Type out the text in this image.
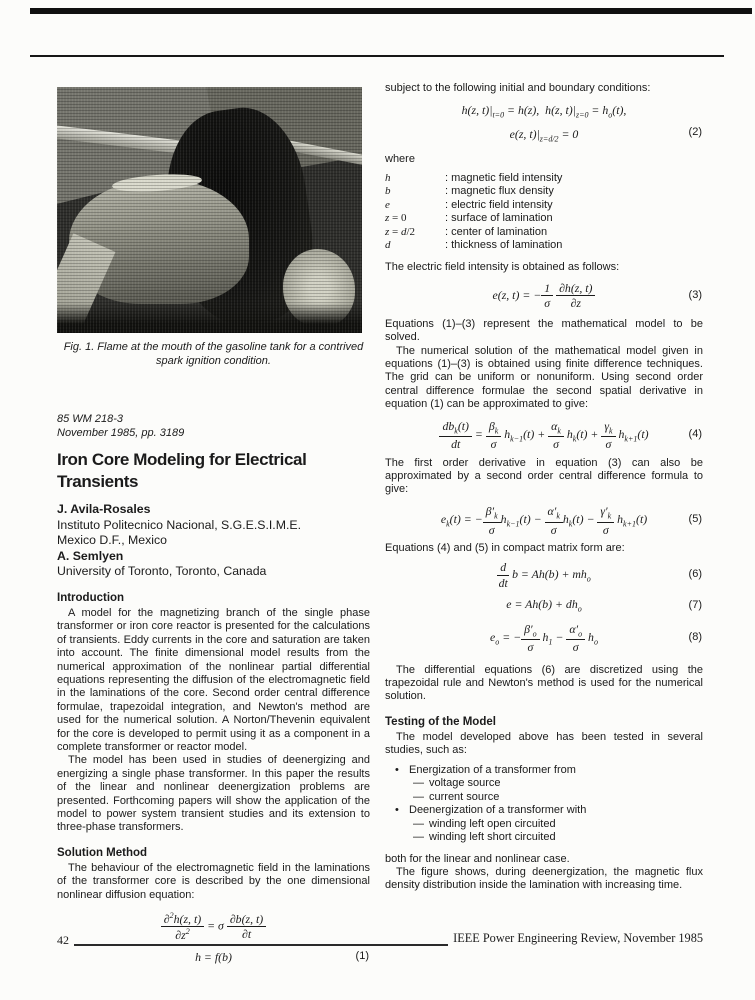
Fig. 1. Flame at the mouth of the gasoline tank for a contrived spark ignition condition.
85 WM 218-3
November 1985, pp. 3189
Iron Core Modeling for Electrical Transients
J. Avila-Rosales
Instituto Politecnico Nacional, S.G.E.S.I.M.E.
Mexico D.F., Mexico
A. Semlyen
University of Toronto, Toronto, Canada
Introduction

A model for the magnetizing branch of the single phase transformer or iron core reactor is presented for the calculations of transients. Eddy currents in the core and saturation are taken into account. The finite dimensional model results from the numerical approximation of the nonlinear partial differential equations representing the diffusion of the electromagnetic field in the laminations of the core. Second order central difference formulae, trapezoidal integration, and Newton's method are used for the numerical solution. A Norton/Thevenin equivalent for the core is developed to permit using it as a component in a complete transformer or reactor model.

The model has been used in studies of deenergizing and energizing a single phase transformer. In this paper the results of the linear and nonlinear deenergization problems are presented. Forthcoming papers will show the application of the model to power system transient studies and its extension to three-phase transformers.

Solution Method

The behaviour of the electromagnetic field in the laminations of the transformer core is described by the one dimensional nonlinear diffusion equation:

$\frac{\partial^2h(z, t)}{\partial z^2} = \sigma \frac{\partial b(z, t)}{\partial t}$
h = f(b)	(1)

subject to the following initial and boundary conditions:

h(z, $t)|_{t=0} = h(z)$,  h(z, $t)|_{z=0} = h_o(t)$,
e(z, $t)|_{z=d/2} = 0$	(2)

where

h	: magnetic field intensity
b	: magnetic flux density
e	: electric field intensity
z = 0	: surface of lamination
z = d/2	: center of lamination
d	: thickness of lamination

The electric field intensity is obtained as follows:

e(z, t) = − $\frac{1}{\sigma}$
$\frac{\partial h(z, t)}{\partial z}$	(3)

Equations (1)–(3) represent the mathematical model to be solved.

The numerical solution of the mathematical model given in equations (1)–(3) is obtained using finite difference techniques. The grid can be uniform or nonuniform. Using second order central difference formulae the second spatial derivative in equation (1) can be approximated to give:

$\frac{db_k(t)}{dt} = \frac{\beta_k}{\sigma} h_{k-1}(t) + \frac{\alpha_k}{\sigma} h_k(t) + \frac{\gamma_k}{\sigma} h_{k+1}(t)$	(4)

The first order derivative in equation (3) can also be approximated by a second order central difference formula to give:

$e_k(t)$ = − $\frac{\beta'_k}{\sigma} h_{k-1}(t) - \frac{\alpha'_k}{\sigma} h_k(t) - \frac{\gamma'_k}{\sigma} h_{k+1}(t)$	(5)

Equations (4) and (5) in compact matrix form are:

$\frac{d}{dt}$ $b = Ah(b) + mh_o$	(6)
$e = Ah(b) + dh_o$	(7)
$e_o$ = − $\frac{\beta'_o}{\sigma} h_1 - \frac{\alpha'_o}{\sigma} h_o$	(8)

The differential equations (6) are discretized using the trapezoidal rule and Newton's method is used for the numerical solution.

Testing of the Model

The model developed above has been tested in several studies, such as:

• Energization of a transformer from
— voltage source
— current source
• Deenergization of a transformer with
— winding left open circuited
— winding left short circuited

both for the linear and nonlinear case.

The figure shows, during deenergization, the magnetic flux density distribution inside the lamination with increasing time.

42	IEEE Power Engineering Review, November 1985
